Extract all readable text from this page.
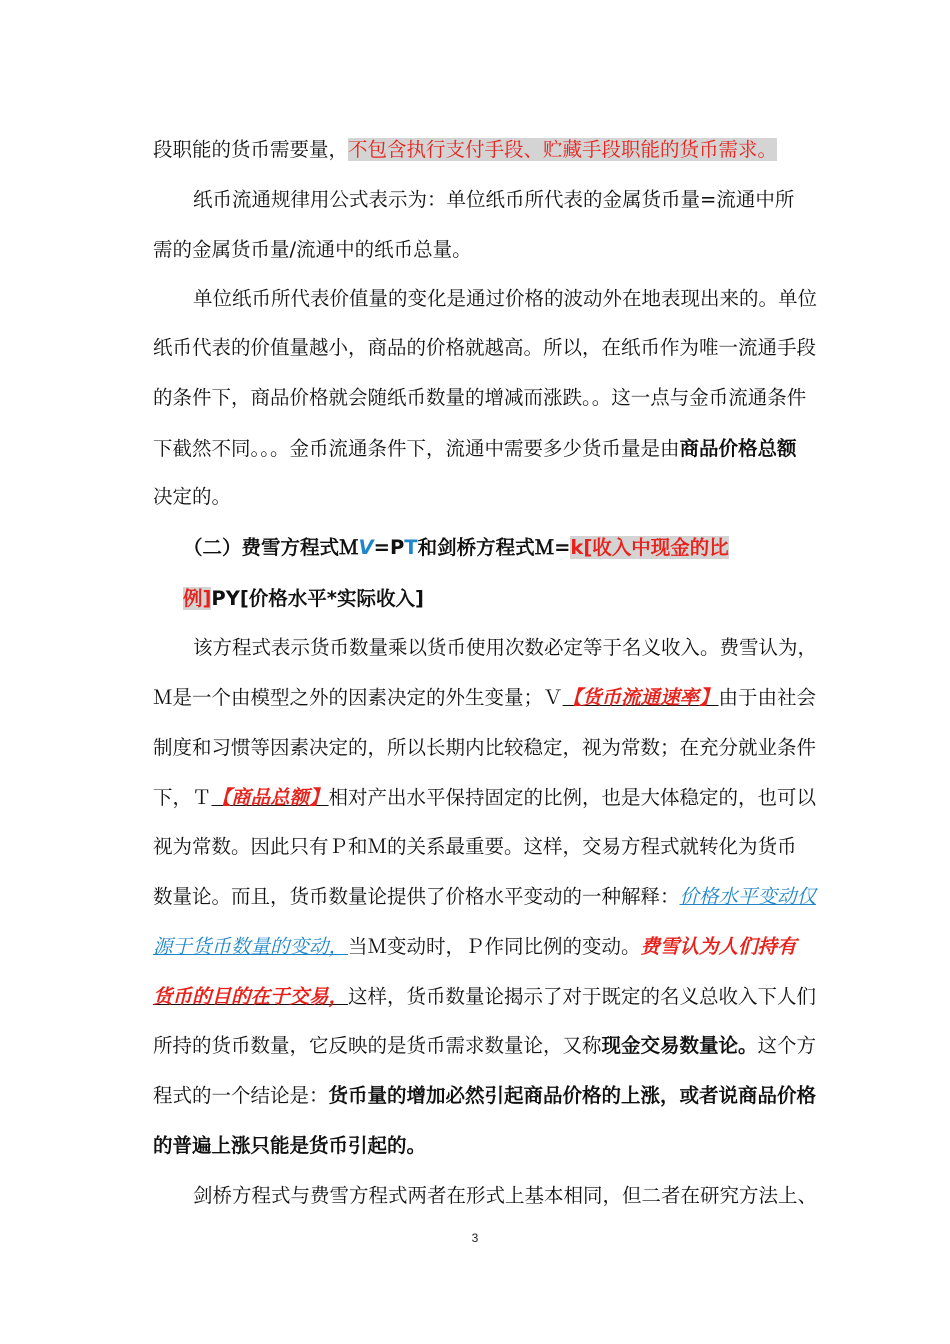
段职能的货币需要量，不包含执行支付手段、贮藏手段职能的货币需求。
纸币流通规律用公式表示为：单位纸币所代表的金属货币量=流通中所
需的金属货币量/流通中的纸币总量。
单位纸币所代表价值量的变化是通过价格的波动外在地表现出来的。单位
纸币代表的价值量越小，商品的价格就越高。所以，在纸币作为唯一流通手段
的条件下，商品价格就会随纸币数量的增减而涨跌。。这一点与金币流通条件
下截然不同。。。金币流通条件下，流通中需要多少货币量是由商品价格总额
决定的。
（二）费雪方程式ＭV=PT和剑桥方程式Ｍ=k[收入中现金的比
例]PY[价格水平*实际收入]
该方程式表示货币数量乘以货币使用次数必定等于名义收入。费雪认为，
Ｍ是一个由模型之外的因素决定的外生变量；Ｖ【货币流通速率】由于由社会
制度和习惯等因素决定的，所以长期内比较稳定，视为常数；在充分就业条件
下，Ｔ【商品总额】相对产出水平保持固定的比例，也是大体稳定的，也可以
视为常数。因此只有Ｐ和Ｍ的关系最重要。这样，交易方程式就转化为货币
数量论。而且，货币数量论提供了价格水平变动的一种解释：价格水平变动仅
源于货币数量的变动，当Ｍ变动时，Ｐ作同比例的变动。费雪认为人们持有
货币的目的在于交易，这样，货币数量论揭示了对于既定的名义总收入下人们
所持的货币数量，它反映的是货币需求数量论，又称现金交易数量论。这个方
程式的一个结论是：货币量的增加必然引起商品价格的上涨，或者说商品价格
的普遍上涨只能是货币引起的。
剑桥方程式与费雪方程式两者在形式上基本相同，但二者在研究方法上、
3
